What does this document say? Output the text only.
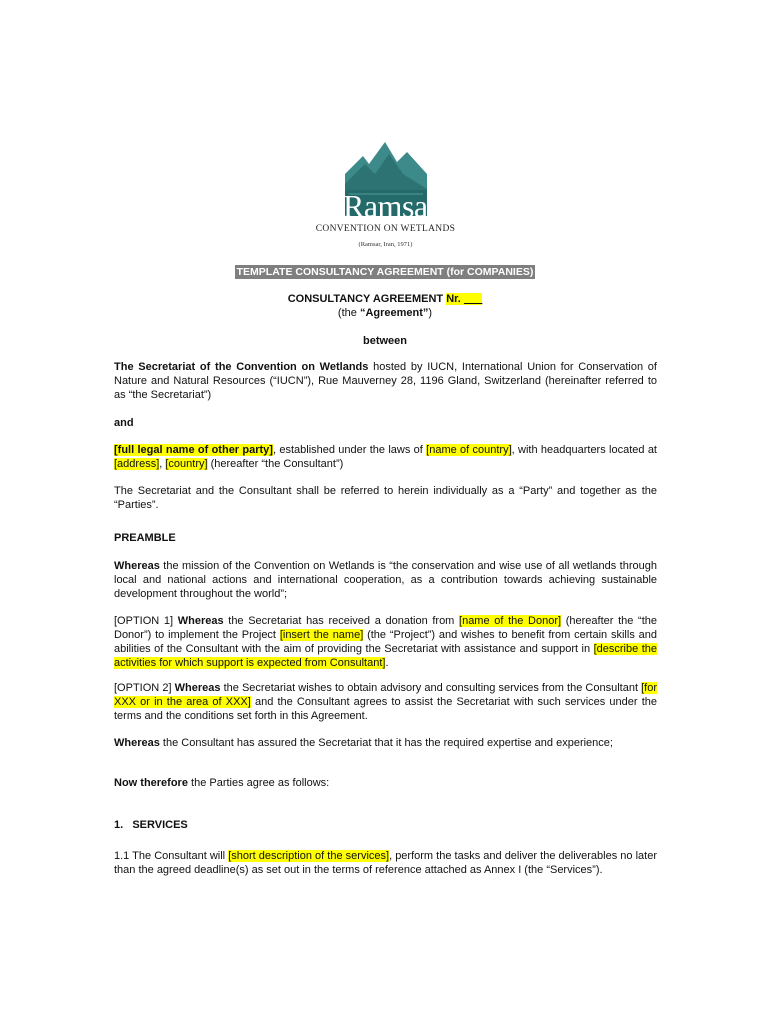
Ramsar
CONVENTION ON WETLANDS
(Ramsar, Iran, 1971)
TEMPLATE CONSULTANCY AGREEMENT (for COMPANIES)
CONSULTANCY AGREEMENT Nr. ___
(the “Agreement”)
between
The Secretariat of the Convention on Wetlands hosted by IUCN, International Union for Conservation of Nature and Natural Resources (“IUCN”), Rue Mauverney 28, 1196 Gland, Switzerland (hereinafter referred to as “the Secretariat”)
and
[full legal name of other party], established under the laws of [name of country], with headquarters located at [address], [country] (hereafter “the Consultant”)
The Secretariat and the Consultant shall be referred to herein individually as a “Party” and together as the “Parties”.
PREAMBLE
Whereas the mission of the Convention on Wetlands is “the conservation and wise use of all wetlands through local and national actions and international cooperation, as a contribution towards achieving sustainable development throughout the world”;
[OPTION 1] Whereas the Secretariat has received a donation from [name of the Donor] (hereafter the “the Donor”) to implement the Project [insert the name] (the “Project”) and wishes to benefit from certain skills and abilities of the Consultant with the aim of providing the Secretariat with assistance and support in [describe the activities for which support is expected from Consultant].
[OPTION 2] Whereas the Secretariat wishes to obtain advisory and consulting services from the Consultant [for XXX or in the area of XXX] and the Consultant agrees to assist the Secretariat with such services under the terms and the conditions set forth in this Agreement.
Whereas the Consultant has assured the Secretariat that it has the required expertise and experience;
Now therefore the Parties agree as follows:
1.   SERVICES
1.1 The Consultant will [short description of the services], perform the tasks and deliver the deliverables no later than the agreed deadline(s) as set out in the terms of reference attached as Annex I (the “Services”).
